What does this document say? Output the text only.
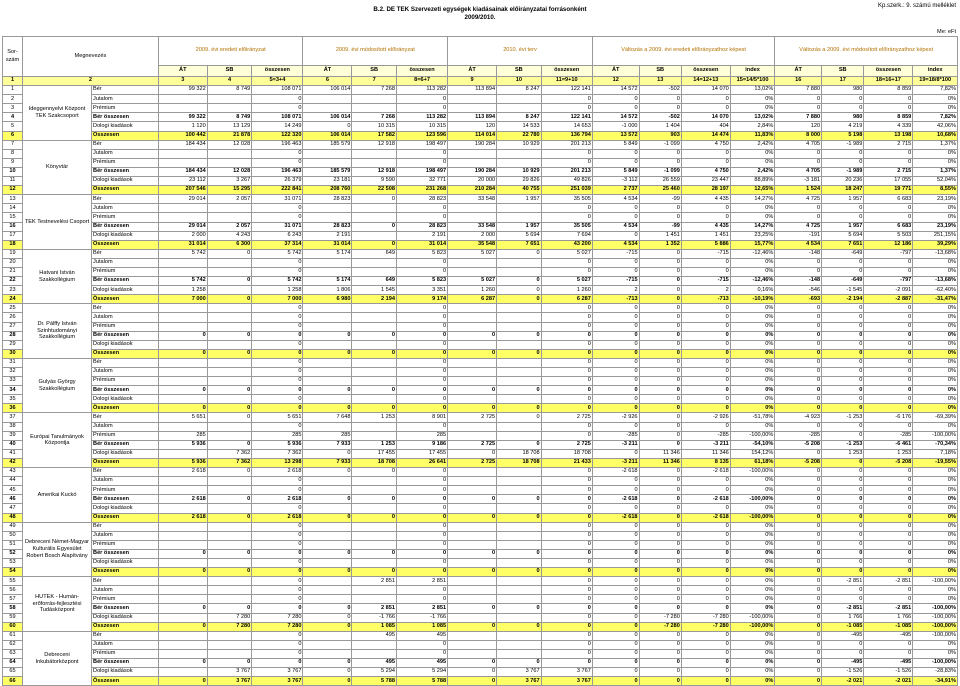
B.2. DE TEK Szervezeti egységek kiadásainak előirányzatai forrásonként
2009/2010.
Kp.szerk.: 9. számú melléklet
Me: eFt
Sor-szám	Megnevezés		2009. évi eredeti előirányzat			2009. évi módosított előirányzat			2010. évi terv			Változás a 2009. évi eredeti előirányzathoz képest				Változás a 2009. évi módosított előirányzathoz képest			
			ÁT	SB	összesen	ÁT	SB	összesen	ÁT	SB	összesen	ÁT	SB	összesen	index	ÁT	SB	összesen	index
1	2		3	4	5=3+4	6	7	8=6+7	9	10	11=9+10	12	13	14=12+13	15=14/5*100	16	17	18=16+17	19=18/8*100
1	Ideggennyelvi Központ TEK Szakcsoport	Bér	99 322	8 749	108 071	106 014	7 268	113 282	113 894	8 247	122 141	14 572	-502	14 070	13,02%	7 880	980	8 859	7,82%
2		Jutalom			0			0			0	0	0	0	0%	0	0	0	0%
3		Prémium			0			0			0	0	0	0	0%	0	0	0	0%
4		Bér összesen	99 322	8 749	108 071	106 014	7 268	113 282	113 894	8 247	122 141	14 572	-502	14 070	13,02%	7 880	980	8 859	7,82%
5		Dologi kiadások	1 120	13 129	14 249	0	10 315	10 315	120	14 533	14 653	-1 000	1 404	404	2,84%	120	4 219	4 339	42,06%
6		Összesen	100 442	21 878	122 320	106 014	17 582	123 596	114 014	22 780	136 794	13 572	903	14 474	11,83%	8 000	5 198	13 198	10,68%
7	Könyvtár	Bér	184 434	12 028	196 463	185 579	12 918	198 497	190 284	10 929	201 213	5 849	-1 099	4 750	2,42%	4 705	-1 989	2 715	1,37%
8		Jutalom			0			0			0	0	0	0	0%	0	0	0	0%
9		Prémium			0			0			0	0	0	0	0%	0	0	0	0%
10		Bér összesen	184 434	12 028	196 463	185 579	12 918	198 497	190 284	10 929	201 213	5 849	-1 099	4 750	2,42%	4 705	-1 989	2 715	1,37%
11		Dologi kiadások	23 112	3 267	26 379	23 181	9 590	32 771	20 000	29 826	49 826	-3 112	26 559	23 447	88,89%	-3 181	20 236	17 055	52,04%
12		Összesen	207 546	15 295	222 841	208 760	22 508	231 268	210 284	40 755	251 039	2 737	25 460	28 197	12,65%	1 524	18 247	19 771	8,55%
13	TEK Testnevelési Csoport	Bér	29 014	2 057	31 071	28 823	0	28 823	33 548	1 957	35 505	4 534	-99	4 435	14,27%	4 725	1 957	6 683	23,19%
14		Jutalom			0			0			0	0	0	0	0%	0	0	0	0%
15		Prémium			0			0			0	0	0	0	0%	0	0	0	0%
16		Bér összesen	29 014	2 057	31 071	28 823	0	28 823	33 548	1 957	35 505	4 534	-99	4 435	14,27%	4 725	1 957	6 683	23,19%
17		Dologi kiadások	2 000	4 243	6 243	2 191		2 191	2 000	5 694	7 694	0	1 451	1 451	23,25%	-191	5 694	5 503	251,15%
18		Összesen	31 014	6 300	37 314	31 014	0	31 014	35 548	7 651	43 200	4 534	1 352	5 886	15,77%	4 534	7 651	12 186	39,29%
19	Hatvani István Szakkollégium	Bér	5 742	0	5 742	5 174	649	5 823	5 027	0	5 027	-715	0	-715	-12,46%	-148	-649	-797	-13,68%
20		Jutalom			0			0			0	0	0	0	0%	0	0	0	0%
21		Prémium			0			0			0	0	0	0	0%	0	0	0	0%
22		Bér összesen	5 742	0	5 742	5 174	649	5 823	5 027	0	5 027	-715	0	-715	-12,46%	-148	-649	-797	-13,68%
23		Dologi kiadások	1 258		1 258	1 806	1 545	3 351	1 260	0	1 260	2	0	2	0,16%	-546	-1 545	-2 091	-62,40%
24		Összesen	7 000	0	7 000	6 980	2 194	9 174	6 287	0	6 287	-713	0	-713	-10,19%	-693	-2 194	-2 887	-31,47%
25	Dr. Pálffy István Szinhtudományi Szakkollégium	Bér			0			0			0	0	0	0	0%	0	0	0	0%
26		Jutalom			0			0			0	0	0	0	0%	0	0	0	0%
27		Prémium			0			0			0	0	0	0	0%	0	0	0	0%
28		Bér összesen	0	0	0	0	0	0	0	0	0	0	0	0	0%	0	0	0	0%
29		Dologi kiadások			0			0			0	0	0	0	0%	0	0	0	0%
30		Összesen	0	0	0	0	0	0	0	0	0	0	0	0	0%	0	0	0	0%
31	Gulyás György Szakkollégium	Bér			0			0			0	0	0	0	0%	0	0	0	0%
32		Jutalom			0			0			0	0	0	0	0%	0	0	0	0%
33		Prémium			0			0			0	0	0	0	0%	0	0	0	0%
34		Bér összesen	0	0	0	0	0	0	0	0	0	0	0	0	0%	0	0	0	0%
35		Dologi kiadások			0			0			0	0	0	0	0%	0	0	0	0%
36		Összesen	0	0	0	0	0	0	0	0	0	0	0	0	0%	0	0	0	0%
37	Európai Tanulmányok Központja	Bér	5 651	0	5 651	7 648	1 253	8 901	2 725	0	2 725	-2 926	0	-2 926	-51,78%	-4 923	-1 253	-6 176	-69,39%
38		Jutalom			0			0			0	0	0	0	0%	0	0	0	0%
39		Prémium	285		285	285		285			0	-285	0	-285	-100,00%	-285	0	-285	-100,00%
40		Bér összesen	5 936	0	5 936	7 933	1 253	9 186	2 725	0	2 725	-3 211	0	-3 211	-54,10%	-5 208	-1 253	-6 461	-70,34%
41		Dologi kiadások		7 362	7 362	0	17 455	17 455	0	18 708	18 708	0	11 346	11 346	154,12%	0	1 253	1 253	7,18%
42		Összesen	5 936	7 362	13 298	7 933	18 708	26 641	2 725	18 708	21 433	-3 211	11 346	8 135	61,18%	-5 208	0	-5 208	-19,55%
43	Amerikai Kuckó	Bér	2 618	0	2 618	0	0	0			0	-2 618	0	-2 618	-100,00%	0	0	0	0%
44		Jutalom			0			0			0	0	0	0	0%	0	0	0	0%
45		Prémium			0			0			0	0	0	0	0%	0	0	0	0%
46		Bér összesen	2 618	0	2 618	0	0	0	0	0	0	-2 618	0	-2 618	-100,00%	0	0	0	0%
47		Dologi kiadások			0			0			0	0	0	0	0%	0	0	0	0%
48		Összesen	2 618	0	2 618	0	0	0	0	0	0	-2 618	0	-2 618	-100,00%	0	0	0	0%
49	Debreceni Német-Magyar Kulturális Egyesület Robert Bosch Alapítvány	Bér			0			0			0	0	0	0	0%	0	0	0	0%
50		Jutalom			0			0			0	0	0	0	0%	0	0	0	0%
51		Prémium			0			0			0	0	0	0	0%	0	0	0	0%
52		Bér összesen	0	0	0	0	0	0	0	0	0	0	0	0	0%	0	0	0	0%
53		Dologi kiadások			0			0			0	0	0	0	0%	0	0	0	0%
54		Összesen	0	0	0	0	0	0	0	0	0	0	0	0	0%	0	0	0	0%
55	HUTEK - Humán-erőforrás-fejlesztési Tudásközpont	Bér			0		2 851	2 851			0	0	0	0	0%	0	-2 851	-2 851	-100,00%
56		Jutalom			0			0			0	0	0	0	0%	0	0	0	0%
57		Prémium			0			0			0	0	0	0	0%	0	0	0	0%
58		Bér összesen	0	0	0	0	2 851	2 851	0	0	0	0	0	0	0%	0	-2 851	-2 851	-100,00%
59		Dologi kiadások		7 280	7 280	0	-1 766	-1 766			0	0	-7 280	-7 280	-100,00%	0	1 766	1 766	-100,00%
60		Összesen	0	7 280	7 280	0	1 085	1 085	0	0	0	0	-7 280	-7 280	-100,00%	0	-1 085	-1 085	-100,00%
61	Debreceni Inkubátorközpont	Bér			0		495	495			0	0	0	0	0%	0	-495	-495	-100,00%
62		Jutalom			0			0			0	0	0	0	0%	0	0	0	0%
63		Prémium			0			0			0	0	0	0	0%	0	0	0	0%
64		Bér összesen	0	0	0	0	495	495	0	0	0	0	0	0	0%	0	-495	-495	-100,00%
65		Dologi kiadások		3 767	3 767	0	5 294	5 294	0	3 767	3 767	0	0	0	0%	0	-1 526	-1 526	-28,83%
66		Összesen	0	3 767	3 767	0	5 788	5 788	0	3 767	3 767	0	0	0	0%	0	-2 021	-2 021	-34,91%
